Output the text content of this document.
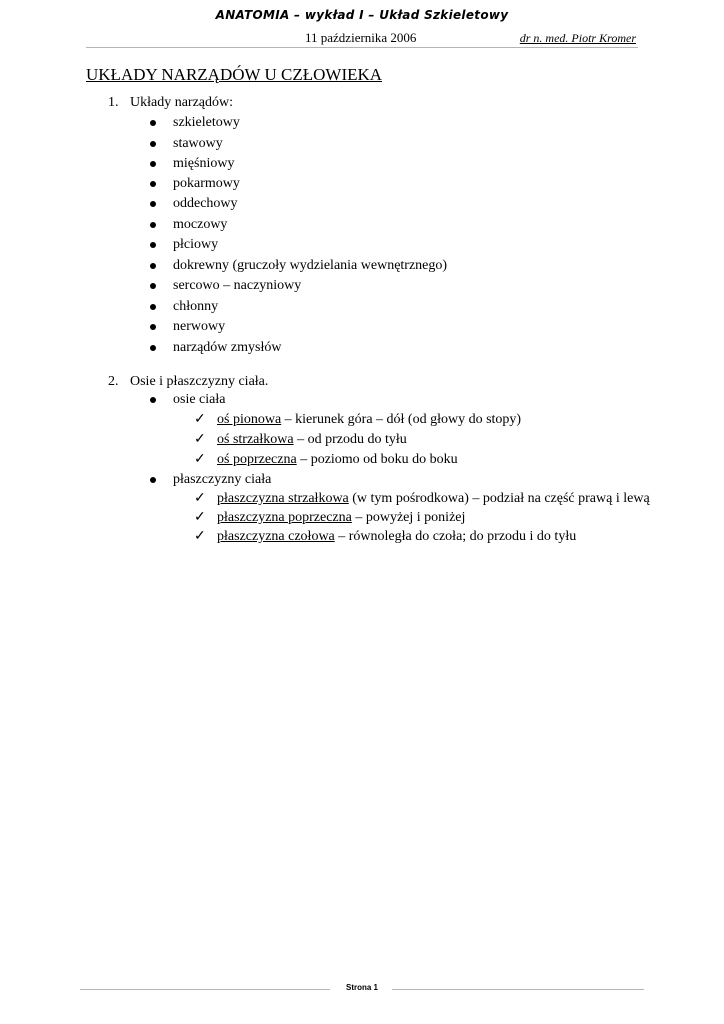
ANATOMIA – wykład I – Układ Szkieletowy
11 października 2006	dr n. med. Piotr Kromer
UKŁADY NARZĄDÓW U CZŁOWIEKA
1. Układy narządów:
szkieletowy
stawowy
mięśniowy
pokarmowy
oddechowy
moczowy
płciowy
dokrewny (gruczoły wydzielania wewnętrznego)
sercowo – naczyniowy
chłonny
nerwowy
narządów zmysłów
2. Osie i płaszczyzny ciała.
osie ciała
✓ oś pionowa – kierunek góra – dół (od głowy do stopy)
✓ oś strzałkowa – od przodu do tyłu
✓ oś poprzeczna – poziomo od boku do boku
płaszczyzny ciała
✓ płaszczyzna strzałkowa (w tym pośrodkowa) – podział na część prawą i lewą
✓ płaszczyzna poprzeczna – powyżej i poniżej
✓ płaszczyzna czołowa – równoległa do czoła; do przodu i do tyłu
Strona 1
